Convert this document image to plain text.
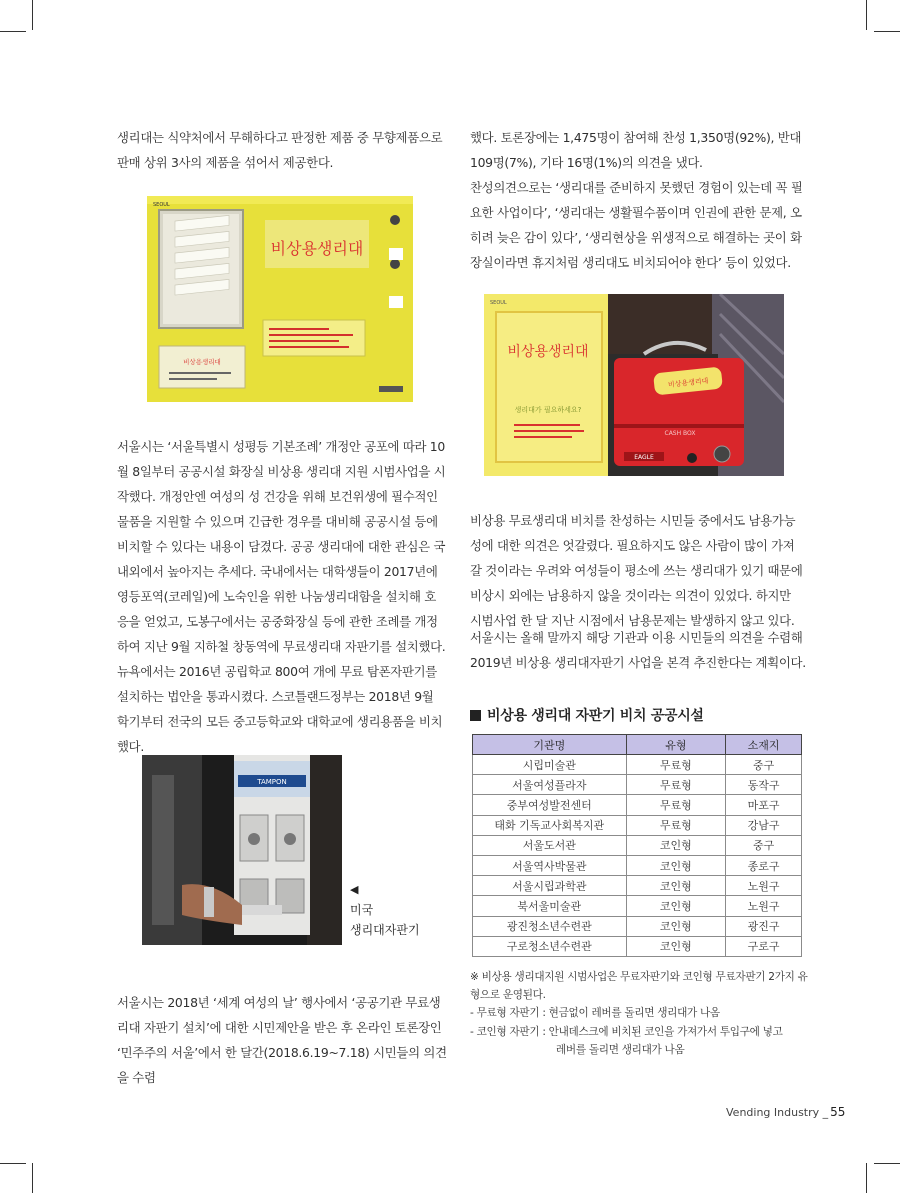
생리대는 식약처에서 무해하다고 판정한 제품 중 무향제품으로 판매 상위 3사의 제품을 섞어서 제공한다.

SEOUL
비상용생리대
비상용생리대

서울시는 ‘서울특별시 성평등 기본조례’ 개정안 공포에 따라 10월 8일부터 공공시설 화장실 비상용 생리대 지원 시범사업을 시작했다. 개정안엔 여성의 성 건강을 위해 보건위생에 필수적인 물품을 지원할 수 있으며 긴급한 경우를 대비해 공공시설 등에 비치할 수 있다는 내용이 담겼다. 공공 생리대에 대한 관심은 국내외에서 높아지는 추세다. 국내에서는 대학생들이 2017년에 영등포역(코레일)에 노숙인을 위한 나눔생리대함을 설치해 호응을 얻었고, 도봉구에서는 공중화장실 등에 관한 조례를 개정하여 지난 9월 지하철 창동역에 무료생리대 자판기를 설치했다.

뉴욕에서는 2016년 공립학교 800여 개에 무료 탐폰자판기를 설치하는 법안을 통과시켰다. 스코틀랜드정부는 2018년 9월 학기부터 전국의 모든 중고등학교와 대학교에 생리용품을 비치했다.

TAMPON
◀
미국
생리대자판기

서울시는 2018년 ‘세계 여성의 날’ 행사에서 ‘공공기관 무료생리대 자판기 설치’에 대한 시민제안을 받은 후 온라인 토론장인 ‘민주주의 서울’에서 한 달간(2018.6.19~7.18) 시민들의 의견을 수렴

했다. 토론장에는 1,475명이 참여해 찬성 1,350명(92%), 반대 109명(7%), 기타 16명(1%)의 의견을 냈다.

찬성의견으로는 ‘생리대를 준비하지 못했던 경험이 있는데 꼭 필요한 사업이다’, ‘생리대는 생활필수품이며 인권에 관한 문제, 오히려 늦은 감이 있다’, ‘생리현상을 위생적으로 해결하는 곳이 화장실이라면 휴지처럼 생리대도 비치되어야 한다’ 등이 있었다.

SEOUL
비상용생리대
생리대가 필요하세요?
비상용생리대
CASH BOX
EAGLE

비상용 무료생리대 비치를 찬성하는 시민들 중에서도 남용가능성에 대한 의견은 엇갈렸다. 필요하지도 않은 사람이 많이 가져갈 것이라는 우려와 여성들이 평소에 쓰는 생리대가 있기 때문에 비상시 외에는 남용하지 않을 것이라는 의견이 있었다. 하지만 시범사업 한 달 지난 시점에서 남용문제는 발생하지 않고 있다.

서울시는 올해 말까지 해당 기관과 이용 시민들의 의견을 수렴해 2019년 비상용 생리대자판기 사업을 본격 추진한다는 계획이다.

비상용 생리대 자판기 비치 공공시설
기관명	유형	소재지
시립미술관	무료형	중구
서울여성플라자	무료형	동작구
중부여성발전센터	무료형	마포구
태화 기독교사회복지관	무료형	강남구
서울도서관	코인형	중구
서울역사박물관	코인형	종로구
서울시립과학관	코인형	노원구
북서울미술관	코인형	노원구
광진청소년수련관	코인형	광진구
구로청소년수련관	코인형	구로구
※ 비상용 생리대지원 시범사업은 무료자판기와 코인형 무료자판기 2가지 유형으로 운영된다.
- 무료형 자판기 : 현금없이 레버를 돌리면 생리대가 나옴
- 코인형 자판기 : 안내데스크에 비치된 코인을 가져가서 투입구에 넣고
레버를 돌리면 생리대가 나옴
Vending Industry _ 55
